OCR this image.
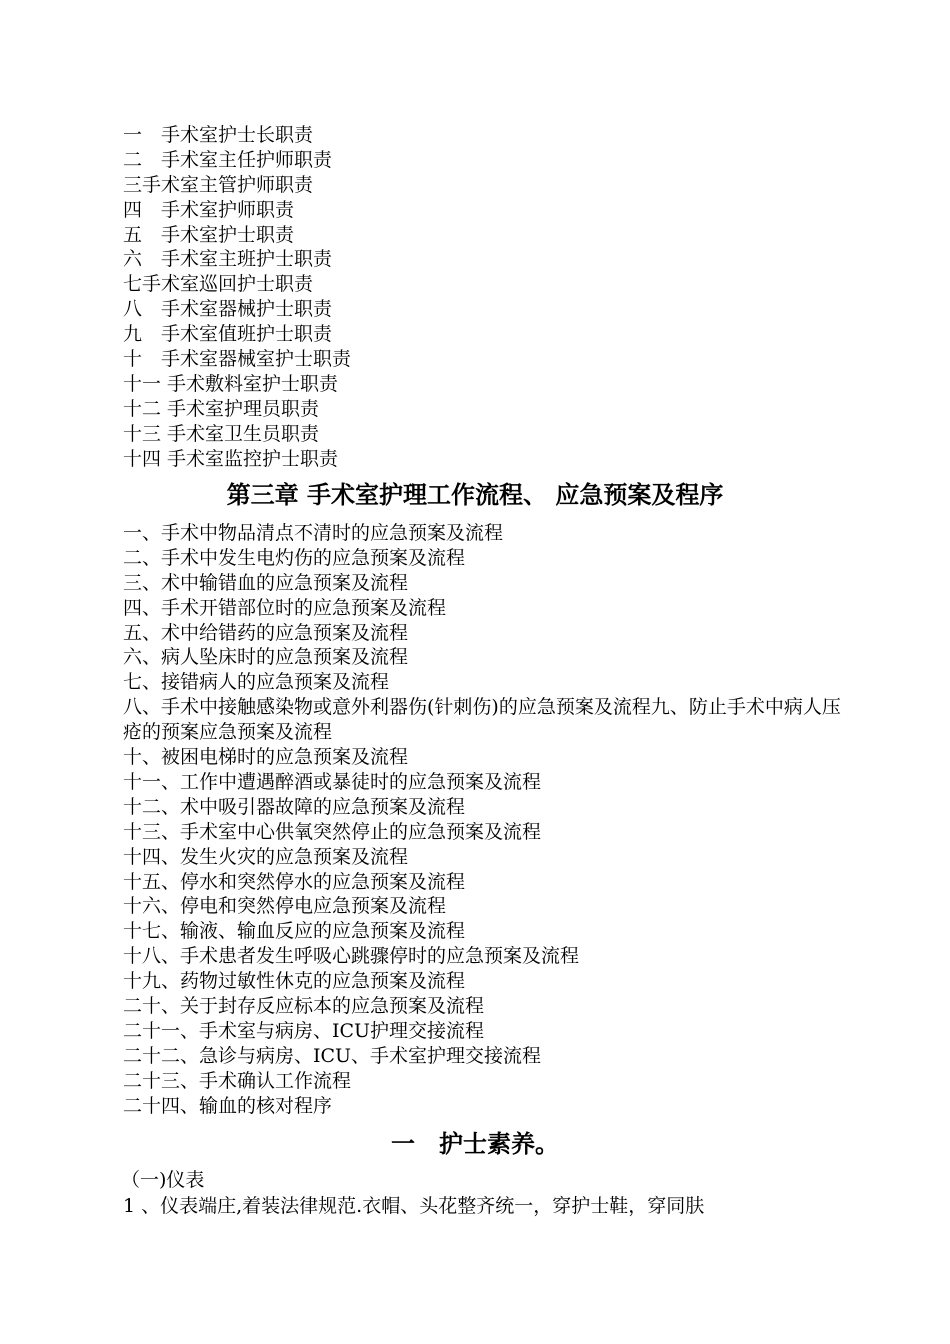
一　手术室护士长职责
二　手术室主任护师职责
三手术室主管护师职责
四　手术室护师职责
五　手术室护士职责
六　手术室主班护士职责
七手术室巡回护士职责
八　手术室器械护士职责
九　手术室值班护士职责
十　手术室器械室护士职责
十一 手术敷料室护士职责
十二 手术室护理员职责
十三 手术室卫生员职责
十四 手术室监控护士职责
第三章 手术室护理工作流程、 应急预案及程序
一、手术中物品清点不清时的应急预案及流程
二、手术中发生电灼伤的应急预案及流程
三、术中输错血的应急预案及流程
四、手术开错部位时的应急预案及流程
五、术中给错药的应急预案及流程
六、病人坠床时的应急预案及流程
七、接错病人的应急预案及流程
八、手术中接触感染物或意外利器伤(针刺伤)的应急预案及流程九、防止手术中病人压疮的预案应急预案及流程
十、被困电梯时的应急预案及流程
十一、工作中遭遇醉酒或暴徒时的应急预案及流程
十二、术中吸引器故障的应急预案及流程
十三、手术室中心供氧突然停止的应急预案及流程
十四、发生火灾的应急预案及流程
十五、停水和突然停水的应急预案及流程
十六、停电和突然停电应急预案及流程
十七、输液、输血反应的应急预案及流程
十八、手术患者发生呼吸心跳骤停时的应急预案及流程
十九、药物过敏性休克的应急预案及流程
二十、关于封存反应标本的应急预案及流程
二十一、手术室与病房、ICU护理交接流程
二十二、急诊与病房、ICU、手术室护理交接流程
二十三、手术确认工作流程
二十四、输血的核对程序
一　护士素养。

（一)仪表

1 、仪表端庄,着装法律规范.衣帽、头花整齐统一，穿护士鞋，穿同肤
